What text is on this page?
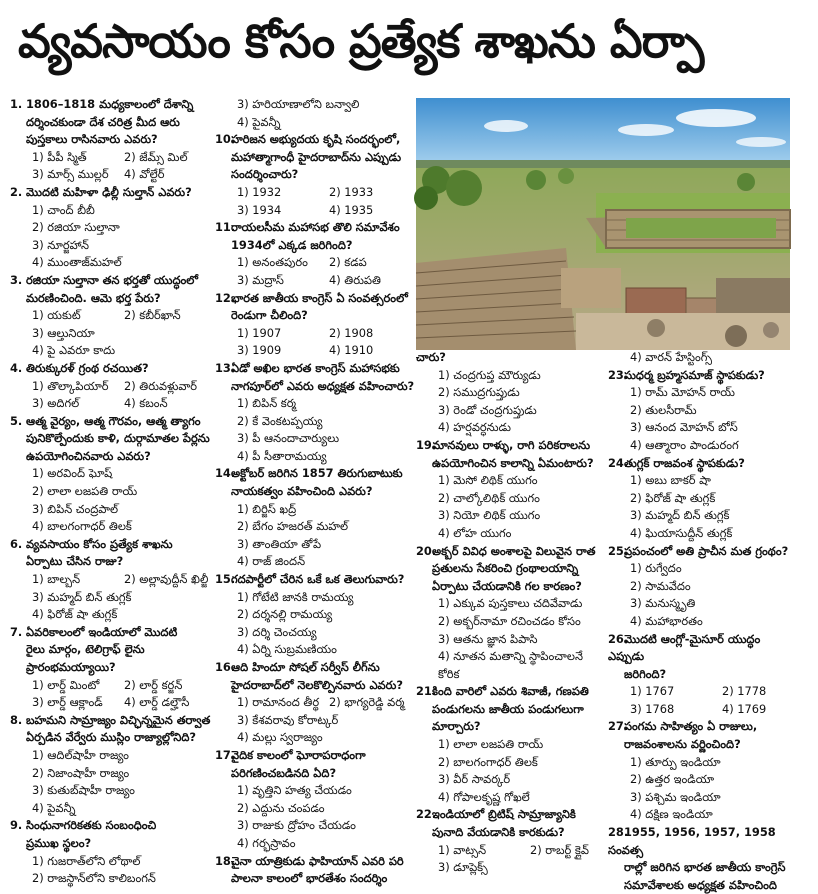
వ్యవసాయం కోసం ప్రత్యేక శాఖను ఏర్పా

1. 1806–1818 మధ్యకాలంలో దేశాన్ని

దర్శించకుండా దేశ చరిత్ర మీద ఆరు

పుస్తకాలు రాసినవారు ఎవరు?

1) పీపీ స్మిత్	2) జేమ్స్ మిల్
3) మార్స్ ముల్లర్	4) వోల్టేర్

2. మొదటి మహిళా ఢిల్లీ సుల్తాన్ ఎవరు?

1) చాంద్ బీబీ

2) రజియా సుల్తానా

3) నూర్జహాన్

4) ముంతాజ్‌మహల్

3. రజియా సుల్తానా తన భర్తతో యుద్ధంలో

మరణించింది. ఆమె భర్త పేరు?

1) యకుట్	2) కబీర్‌ఖాన్

3) ఆల్తునియా

4) పై ఎవరూ కాదు

4. తిరుక్కురళ్ గ్రంథ రచయిత?

1) తొల్కాపియార్	2) తిరువళ్లువార్
3) అదిగల్	4) కబంన్

5. ఆత్మ వైర్యం, ఆత్మ గౌరవం, ఆత్మ త్యాగం

పునికొల్పేందుకు కాళి, దుర్గామాతల పేర్లను

ఉపయోగించినవారు ఎవరు?

1) అరవింద్ ఘోష్

2) లాలా లజపతి రాయ్

3) బిపిన్ చంద్రపాల్

4) బాలగంగాధర్ తిలక్

6. వ్యవసాయం కోసం ప్రత్యేక శాఖను

ఏర్పాటు చేసిన రాజు?

1) బాల్బన్	2) అల్లావుద్దీన్ ఖిల్జీ

3) మహ్మద్ బిన్ తుగ్లక్

4) ఫిరోజ్ షా తుగ్లక్

7. ఏవరికాలంలో ఇండియాలో మొదటి

రైలు మార్గం, టెలిగ్రాఫ్ లైను

ప్రారంభమయ్యాయి?

1) లార్డ్ మింటో	2) లార్డ్ కర్జన్
3) లార్డ్ ఆక్లాండ్	4) లార్డ్ డల్హౌసీ

8. బహమని సామ్రాజ్యం విచ్ఛిన్నమైన తర్వాత

ఏర్పడిన వేర్వేరు ముస్లిం రాజ్యాల్లోనిది?

1) ఆదిల్‌షాహీ రాజ్యం

2) నిజాంషాహీ రాజ్యం

3) కుతుబ్‌షాహీ రాజ్యం

4) పైవన్నీ

9. సింధునాగరికతకు సంబంధించి

ప్రముఖ స్థలం?

1) గుజరాత్‌లోని లోథాల్

2) రాజస్థాన్‌లోని కాలిబంగన్

3) హరియాణాలోని బన్వాలి

4) పైవన్నీ

10.హరిజన అభ్యుదయ కృషి సందర్భంలో,

మహాత్మాగాంధీ హైదరాబాద్‌ను ఎప్పుడు

సందర్శించారు?

1) 1932	2) 1933
3) 1934	4) 1935

11.రాయలసీమ మహాసభ తొలి సమావేశం

1934లో ఎక్కడ జరిగింది?

1) అనంతపురం	2) కడప
3) మద్రాస్	4) తిరుపతి

12.భారత జాతీయ కాంగ్రెస్ ఏ సంవత్సరంలో

రెండుగా చీలింది?

1) 1907	2) 1908
3) 1909	4) 1910

13.ఏడో అఖిల భారత కాంగ్రెస్ మహాసభకు

నాగపూర్‌లో ఎవరు అధ్యక్షత వహించారు?

1) బిపిన్ కర్మ

2) కే వెంకటప్పయ్య

3) పీ ఆనందాచార్యులు

4) పీ సీతారామయ్య

14.అక్టోబర్ జరిగిన 1857 తిరుగుబాటుకు

నాయకత్వం వహించింది ఎవరు?

1) బిర్జిస్ ఖద్ర్

2) బేగం హజరత్ మహల్

3) తాంతియా తోపే

4) రాజ్ జిందన్

15.గదపార్టీలో చేరిన ఒకే ఒక తెలుగువారు?

1) గోటేటి జానకి రామయ్య

2) దర్శనల్లి రామయ్య

3) దర్శి చెంచయ్య

4) ఏర్ని సుబ్రమణియం

16.ఆది హిందూ సోషల్ సర్వీస్ లీగ్‌ను

హైదరాబాద్‌లో నెలకొల్పినవారు ఎవరు?

1) రామానంద తీర్థ 2) భాగ్యరెడ్డి వర్మ

3) కేశవరావు కోరాట్కర్

4) మల్లు స్వరాజ్యం

17.వైదిక కాలంలో ఘోరాపరాధంగా

పరిగణించబడినది ఏది?

1) వృత్తిని హత్య చేయడం

2) ఎద్దును చంపడం

3) రాజుకు ద్రోహం చేయడం

4) గర్భస్రావం

18.చైనా యాత్రికుడు ఫాహియాన్ ఎవరి పరి

పాలనా కాలంలో భారతేశం సందర్శిం

చారు?

1) చంద్రగుప్త మౌర్యుడు

2) సముద్రగుప్తుడు

3) రెండో చంద్రగుప్తుడు

4) హర్షవర్ధనుడు

19.మానవులు రాళ్ళు, రాగి పరికరాలను

ఉపయోగించిన కాలాన్ని ఏమంటారు?

1) మెసో లిథిక్ యుగం

2) చాల్కోలిథిక్ యుగం

3) నియో లిథిక్ యుగం

4) లోహ యుగం

20.అక్బర్ వివిధ అంశాలపై విలువైన రాత

ప్రతులను సేకరించి గ్రంథాలయాన్ని

ఏర్పాటు చేయడానికి గల కారణం?

1) ఎక్కువ పుస్తకాలు చదివేవాడు

2) అక్బర్‌నామా రచించడం కోసం

3) ఆతను జ్ఞాన పిపాసి

4) నూతన మతాన్ని స్థాపించాలనే కోరిక

21.కింది వారిలో ఎవరు శివాజీ, గణపతి

పండుగలను జాతీయ పండుగలుగా

మార్చారు?

1) లాలా లజపతి రాయ్

2) బాలగంగాధర్ తిలక్

3) వీర్ సావర్కర్

4) గోపాలకృష్ణ గోఖలే

22.ఇండియాలో బ్రిటిష్ సామ్రాజ్యానికి

పునాది వేయడానికి కారకుడు?

1) వాట్సన్	2) రాబర్ట్ క్లైవ్

3) డూప్లెక్స్

4) వారన్ హేస్టింగ్స్

23.సుధర్మ బ్రహ్మసమాజ్ స్థాపకుడు?

1) రామ్ మోహన్ రాయ్

2) తులసీరామ్

3) ఆనంద మోహన్ బోస్

4) ఆత్మారాం పాండురంగ

24.తుగ్లక్ రాజవంశ స్థాపకుడు?

1) అబు బాకర్ షా

2) ఫిరోజ్ షా తుగ్లక్

3) మహ్మద్ బిన్ తుగ్లక్

4) ఘియాసుద్దీన్ తుగ్లక్

25.ప్రపంచంలో అతి ప్రాచీన మత గ్రంథం?

1) రుగ్వేదం

2) సామవేదం

3) మనుస్మృతి

4) మహాభారతం

26.మొదటి ఆంగ్లో-మైసూర్ యుద్ధం ఎప్పుడు

జరిగింది?

1) 1767	2) 1778
3) 1768	4) 1769

27.సంగమ సాహిత్యం ఏ రాజులు,

రాజవంశాలను వర్ణించింది?

1) తూర్పు ఇండియా

2) ఉత్తర ఇండియా

3) పశ్చిమ ఇండియా

4) దక్షిణ ఇండియా

28.1955, 1956, 1957, 1958 సంవత్స

రాల్లో జరిగిన భారత జాతీయ కాంగ్రెస్

సమావేశాలకు అధ్యక్షత వహించింది
